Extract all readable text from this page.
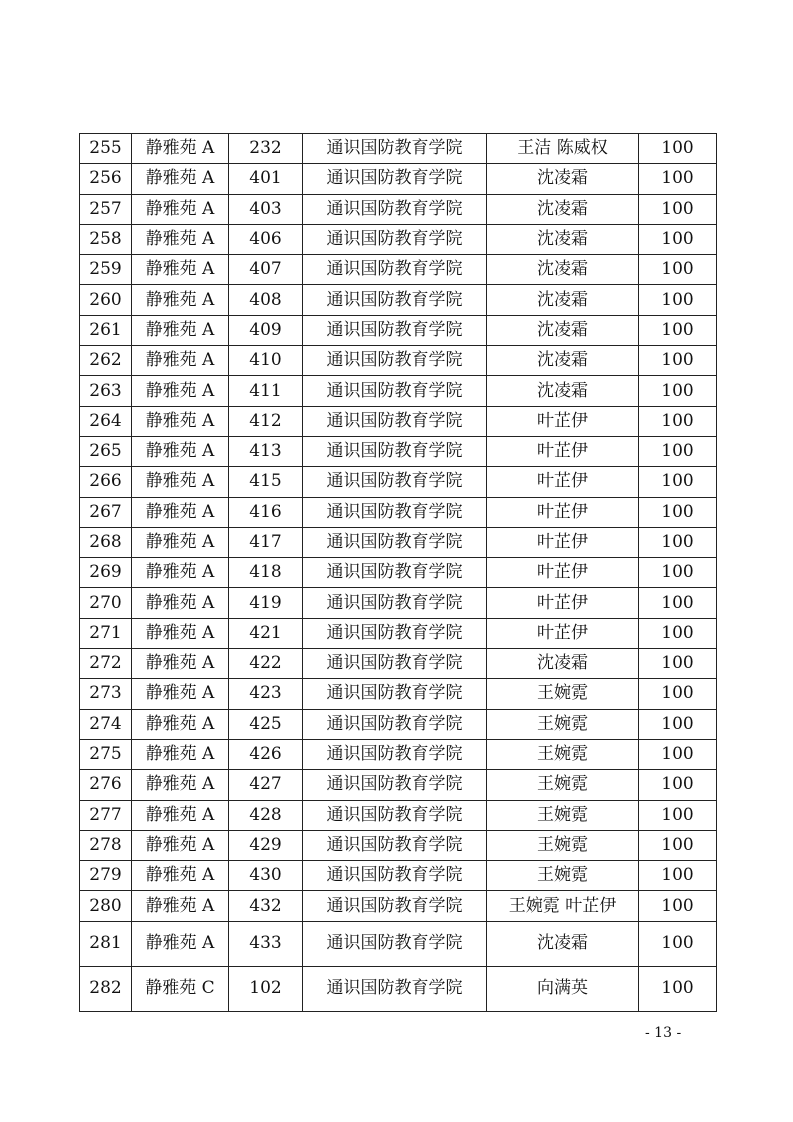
255	静雅苑 A	232	通识国防教育学院	王洁 陈威权	100
256	静雅苑 A	401	通识国防教育学院	沈凌霜	100
257	静雅苑 A	403	通识国防教育学院	沈凌霜	100
258	静雅苑 A	406	通识国防教育学院	沈凌霜	100
259	静雅苑 A	407	通识国防教育学院	沈凌霜	100
260	静雅苑 A	408	通识国防教育学院	沈凌霜	100
261	静雅苑 A	409	通识国防教育学院	沈凌霜	100
262	静雅苑 A	410	通识国防教育学院	沈凌霜	100
263	静雅苑 A	411	通识国防教育学院	沈凌霜	100
264	静雅苑 A	412	通识国防教育学院	叶芷伊	100
265	静雅苑 A	413	通识国防教育学院	叶芷伊	100
266	静雅苑 A	415	通识国防教育学院	叶芷伊	100
267	静雅苑 A	416	通识国防教育学院	叶芷伊	100
268	静雅苑 A	417	通识国防教育学院	叶芷伊	100
269	静雅苑 A	418	通识国防教育学院	叶芷伊	100
270	静雅苑 A	419	通识国防教育学院	叶芷伊	100
271	静雅苑 A	421	通识国防教育学院	叶芷伊	100
272	静雅苑 A	422	通识国防教育学院	沈凌霜	100
273	静雅苑 A	423	通识国防教育学院	王婉霓	100
274	静雅苑 A	425	通识国防教育学院	王婉霓	100
275	静雅苑 A	426	通识国防教育学院	王婉霓	100
276	静雅苑 A	427	通识国防教育学院	王婉霓	100
277	静雅苑 A	428	通识国防教育学院	王婉霓	100
278	静雅苑 A	429	通识国防教育学院	王婉霓	100
279	静雅苑 A	430	通识国防教育学院	王婉霓	100
280	静雅苑 A	432	通识国防教育学院	王婉霓 叶芷伊	100
281	静雅苑 A	433	通识国防教育学院	沈凌霜	100
282	静雅苑 C	102	通识国防教育学院	向满英	100
- 13 -
